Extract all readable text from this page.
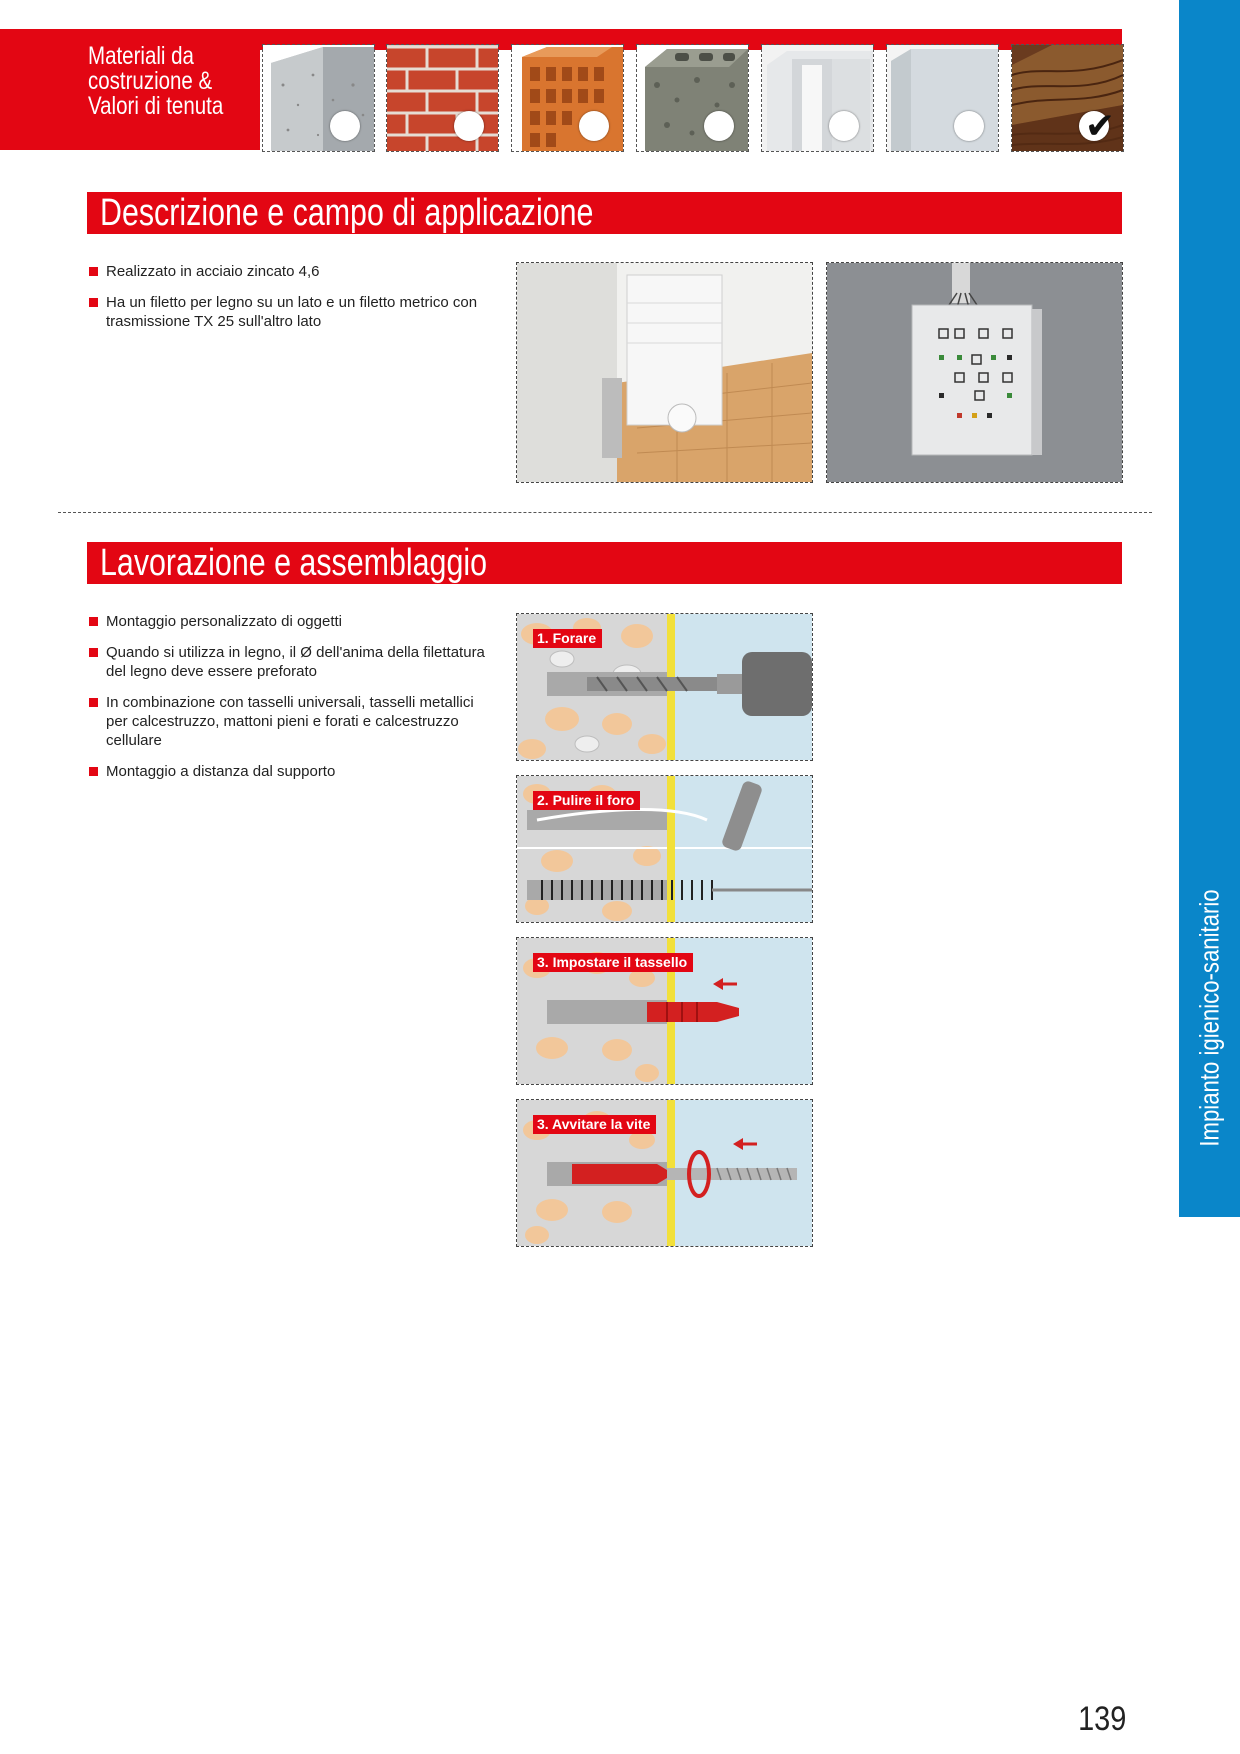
Materiali da costruzione & Valori di tenuta	✔
Descrizione e campo di applicazione
Realizzato in acciaio zincato 4,6
Ha un filetto per legno su un lato e un filetto metrico con trasmissione TX 25 sull'altro lato
Lavorazione e assemblaggio
Montaggio personalizzato di oggetti
Quando si utilizza in legno, il Ø dell'anima della filettatura del legno deve essere preforato
In combinazione con tasselli universali, tasselli metallici per calcestruzzo, mattoni pieni e forati e calcestruzzo cellulare
Montaggio a distanza dal supporto
1. Forare
2. Pulire il foro
3. Impostare il tassello
3. Avvitare la vite	Impianto igienico-sanitario
139
